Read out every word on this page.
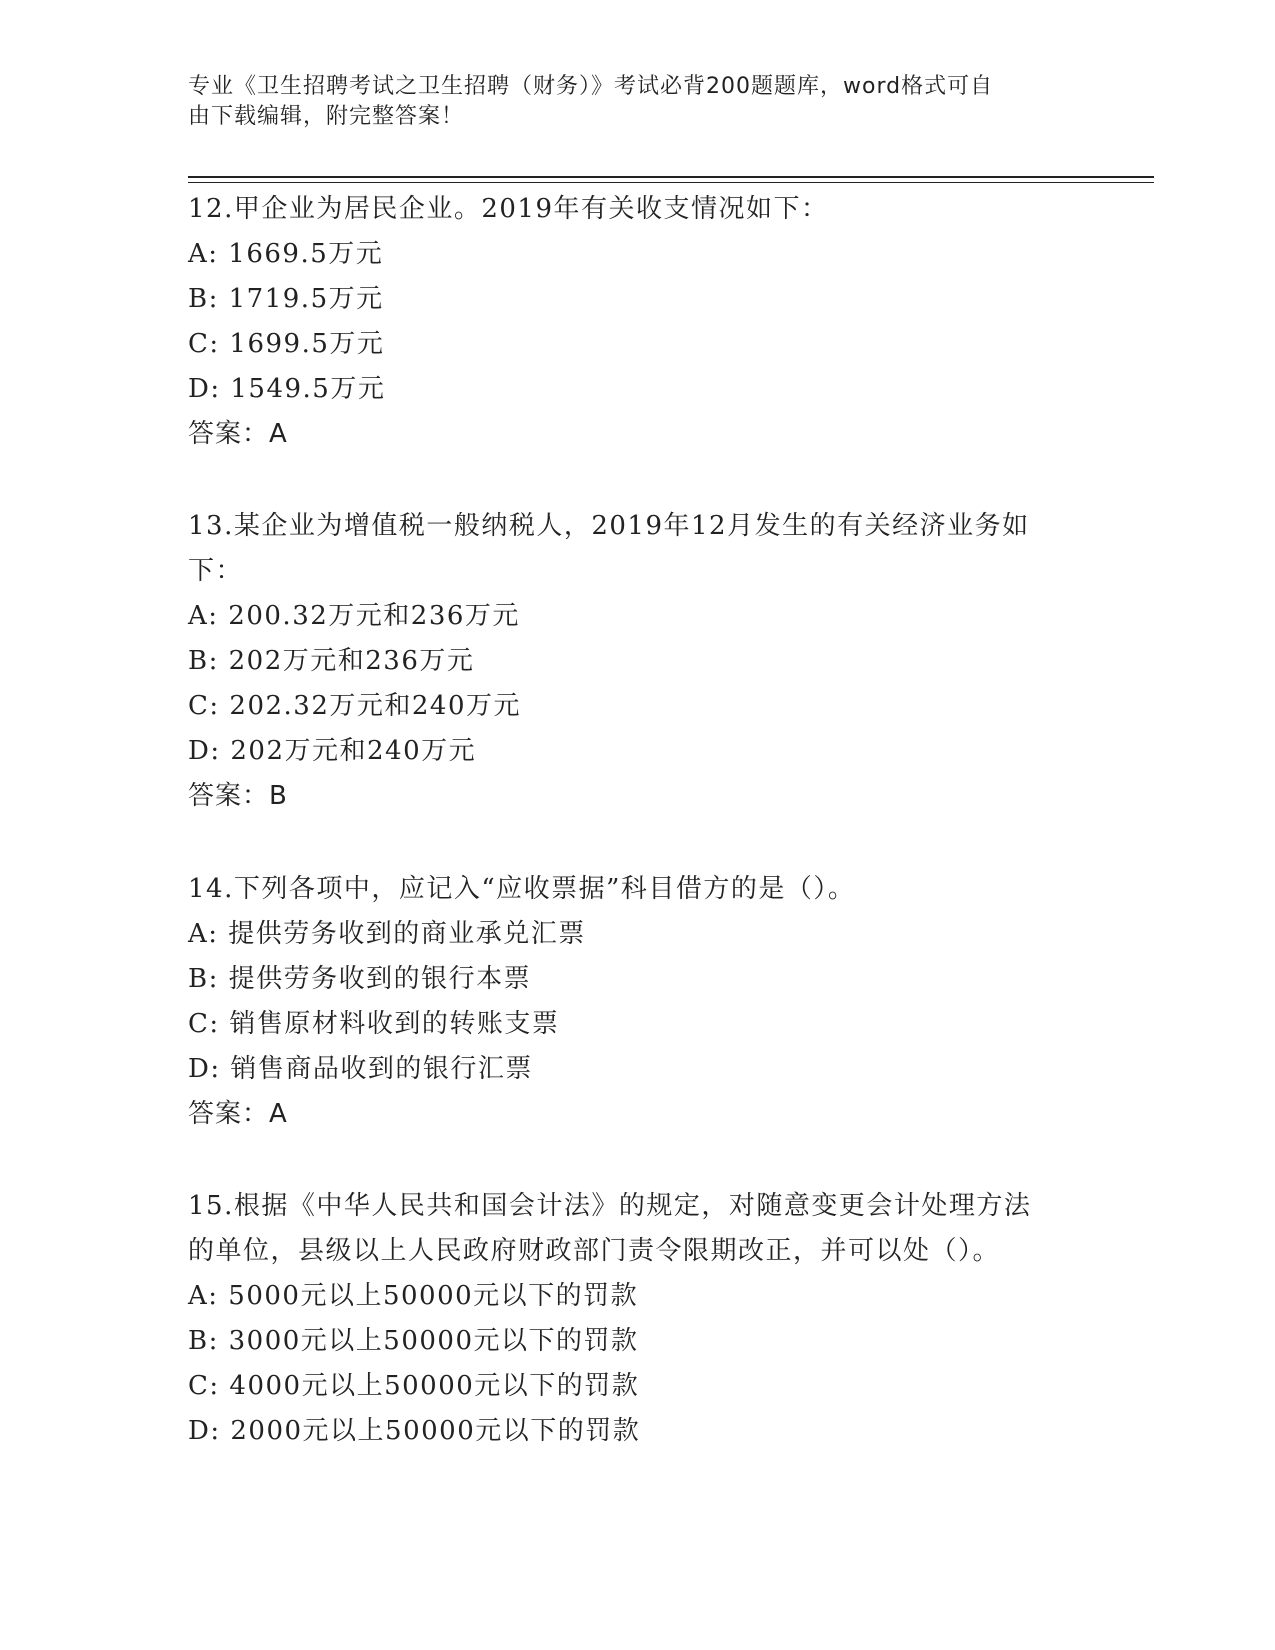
专业《卫生招聘考试之卫生招聘（财务）》考试必背200题题库，word格式可自
由下载编辑，附完整答案！
12.甲企业为居民企业。2019年有关收支情况如下：
A: 1669.5万元
B: 1719.5万元
C: 1699.5万元
D: 1549.5万元
答案：A
13.某企业为增值税一般纳税人，2019年12月发生的有关经济业务如
下：
A: 200.32万元和236万元
B: 202万元和236万元
C: 202.32万元和240万元
D: 202万元和240万元
答案：B
14.下列各项中，应记入“应收票据”科目借方的是（）。
A: 提供劳务收到的商业承兑汇票
B: 提供劳务收到的银行本票
C: 销售原材料收到的转账支票
D: 销售商品收到的银行汇票
答案：A
15.根据《中华人民共和国会计法》的规定，对随意变更会计处理方法
的单位，县级以上人民政府财政部门责令限期改正，并可以处（）。
A: 5000元以上50000元以下的罚款
B: 3000元以上50000元以下的罚款
C: 4000元以上50000元以下的罚款
D: 2000元以上50000元以下的罚款
